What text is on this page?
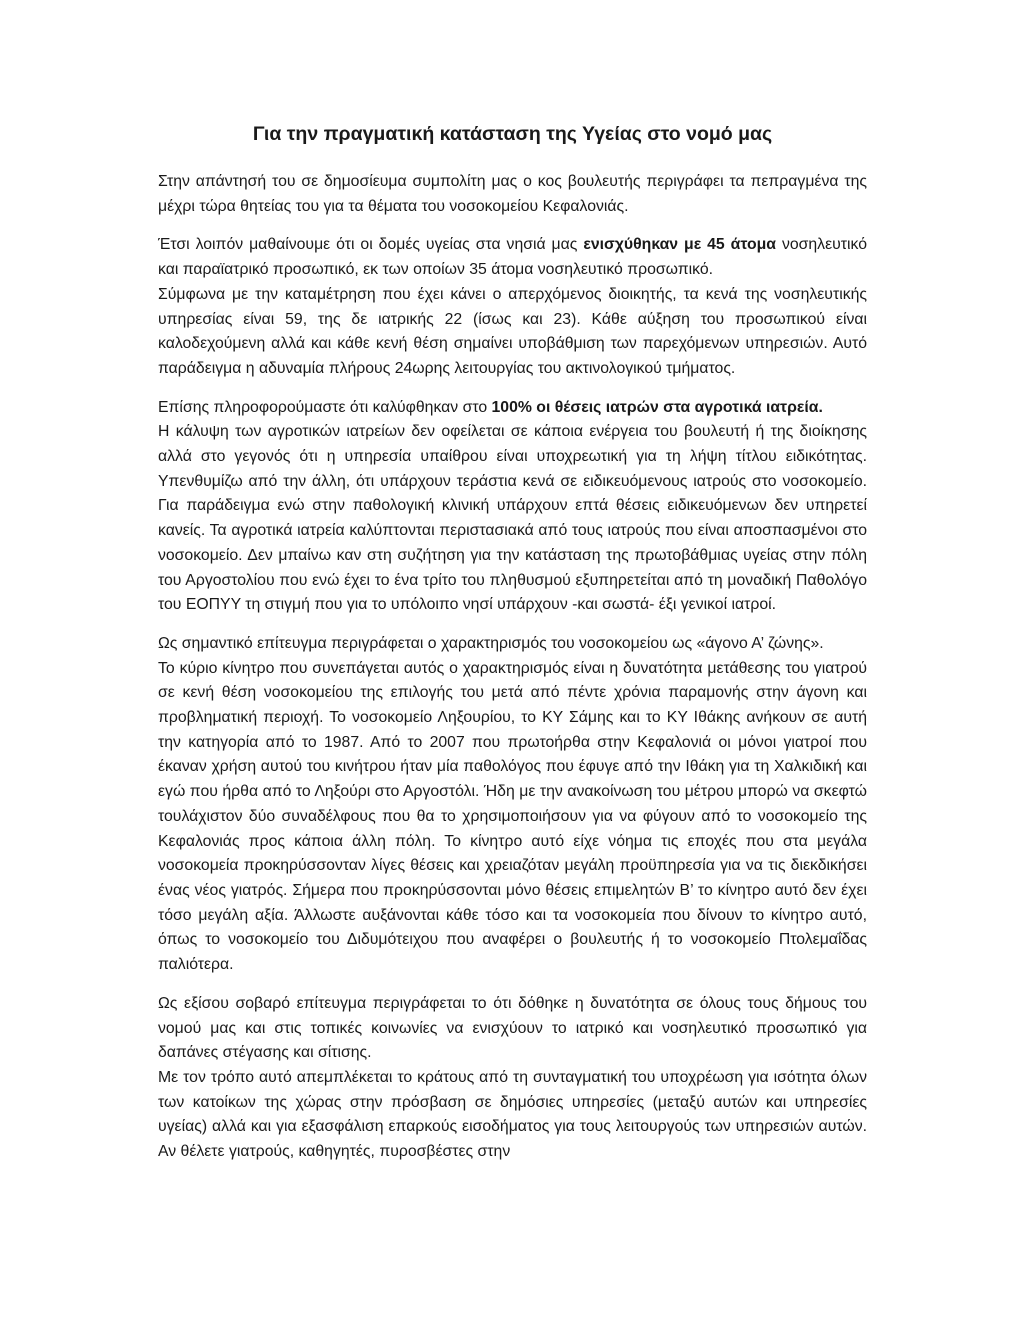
Για την πραγματική κατάσταση της Υγείας στο νομό μας

Στην απάντησή του σε δημοσίευμα συμπολίτη μας ο κος βουλευτής περιγράφει τα πεπραγμένα της μέχρι τώρα θητείας του για τα θέματα του νοσοκομείου Κεφαλονιάς.

Έτσι λοιπόν μαθαίνουμε ότι οι δομές υγείας στα νησιά μας ενισχύθηκαν με 45 άτομα νοσηλευτικό και παραϊατρικό προσωπικό, εκ των οποίων 35 άτομα νοσηλευτικό προσωπικό.

Σύμφωνα με την καταμέτρηση που έχει κάνει ο απερχόμενος διοικητής, τα κενά της νοσηλευτικής υπηρεσίας είναι 59, της δε ιατρικής 22 (ίσως και 23). Κάθε αύξηση του προσωπικού είναι καλοδεχούμενη αλλά και κάθε κενή θέση σημαίνει υποβάθμιση των παρεχόμενων υπηρεσιών. Αυτό παράδειγμα η αδυναμία πλήρους 24ωρης λειτουργίας του ακτινολογικού τμήματος.

Επίσης πληροφορούμαστε ότι καλύφθηκαν στο 100% οι θέσεις ιατρών στα αγροτικά ιατρεία.

Η κάλυψη των αγροτικών ιατρείων δεν οφείλεται σε κάποια ενέργεια του βουλευτή ή της διοίκησης αλλά στο γεγονός ότι η υπηρεσία υπαίθρου είναι υποχρεωτική για τη λήψη τίτλου ειδικότητας. Υπενθυμίζω από την άλλη, ότι υπάρχουν τεράστια κενά σε ειδικευόμενους ιατρούς στο νοσοκομείο. Για παράδειγμα ενώ στην παθολογική κλινική υπάρχουν επτά θέσεις ειδικευόμενων δεν υπηρετεί κανείς. Τα αγροτικά ιατρεία καλύπτονται περιστασιακά από τους ιατρούς που είναι αποσπασμένοι στο νοσοκομείο. Δεν μπαίνω καν στη συζήτηση για την κατάσταση της πρωτοβάθμιας υγείας στην πόλη του Αργοστολίου που ενώ έχει το ένα τρίτο του πληθυσμού εξυπηρετείται από τη μοναδική Παθολόγο του ΕΟΠΥΥ τη στιγμή που για το υπόλοιπο νησί υπάρχουν -και σωστά- έξι γενικοί ιατροί.

Ως σημαντικό επίτευγμα περιγράφεται ο χαρακτηρισμός του νοσοκομείου ως «άγονο Α’ ζώνης».

Το κύριο κίνητρο που συνεπάγεται αυτός ο χαρακτηρισμός είναι η δυνατότητα μετάθεσης του γιατρού σε κενή θέση νοσοκομείου της επιλογής του μετά από πέντε χρόνια παραμονής στην άγονη και προβληματική περιοχή. Το νοσοκομείο Ληξουρίου, το ΚΥ Σάμης και το ΚΥ Ιθάκης ανήκουν σε αυτή την κατηγορία από το 1987. Από το 2007 που πρωτοήρθα στην Κεφαλονιά οι μόνοι γιατροί που έκαναν χρήση αυτού του κινήτρου ήταν μία παθολόγος που έφυγε από την Ιθάκη για τη Χαλκιδική και εγώ που ήρθα από το Ληξούρι στο Αργοστόλι. Ήδη με την ανακοίνωση του μέτρου μπορώ να σκεφτώ τουλάχιστον δύο συναδέλφους που θα το χρησιμοποιήσουν για να φύγουν από το νοσοκομείο της Κεφαλονιάς προς κάποια άλλη πόλη. Το κίνητρο αυτό είχε νόημα τις εποχές που στα μεγάλα νοσοκομεία προκηρύσσονταν λίγες θέσεις και χρειαζόταν μεγάλη προϋπηρεσία για να τις διεκδικήσει ένας νέος γιατρός. Σήμερα που προκηρύσσονται μόνο θέσεις επιμελητών Β’ το κίνητρο αυτό δεν έχει τόσο μεγάλη αξία. Άλλωστε αυξάνονται κάθε τόσο και τα νοσοκομεία που δίνουν το κίνητρο αυτό, όπως το νοσοκομείο του Διδυμότειχου που αναφέρει ο βουλευτής ή το νοσοκομείο Πτολεμαΐδας παλιότερα.

Ως εξίσου σοβαρό επίτευγμα περιγράφεται το ότι δόθηκε η δυνατότητα σε όλους τους δήμους του νομού μας και στις τοπικές κοινωνίες να ενισχύουν το ιατρικό και νοσηλευτικό προσωπικό για δαπάνες στέγασης και σίτισης.

Με τον τρόπο αυτό απεμπλέκεται το κράτους από τη συνταγματική του υποχρέωση για ισότητα όλων των κατοίκων της χώρας στην πρόσβαση σε δημόσιες υπηρεσίες (μεταξύ αυτών και υπηρεσίες υγείας) αλλά και για εξασφάλιση επαρκούς εισοδήματος για τους λειτουργούς των υπηρεσιών αυτών. Αν θέλετε γιατρούς, καθηγητές, πυροσβέστες στην
